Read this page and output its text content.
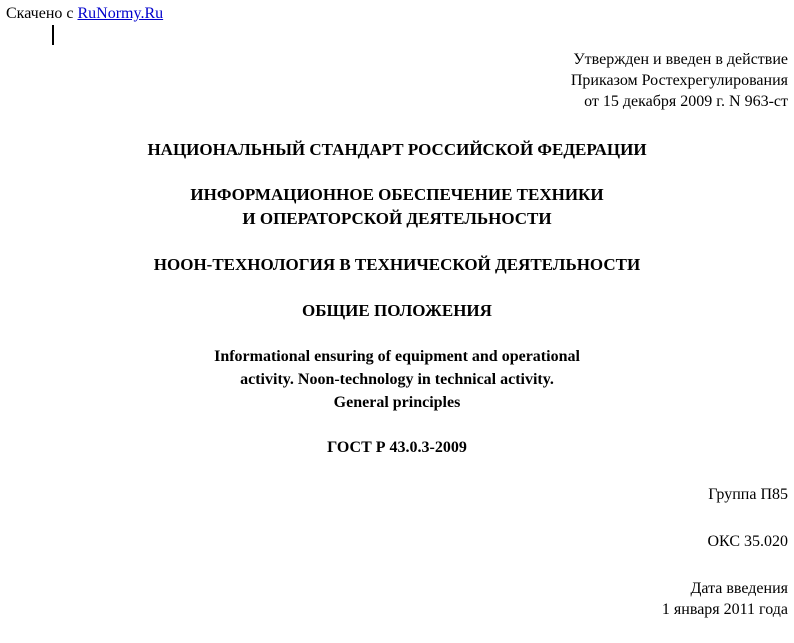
Скачено с RuNormy.Ru
Утвержден и введен в действие
Приказом Ростехрегулирования
от 15 декабря 2009 г. N 963-ст
НАЦИОНАЛЬНЫЙ СТАНДАРТ РОССИЙСКОЙ ФЕДЕРАЦИИ
ИНФОРМАЦИОННОЕ ОБЕСПЕЧЕНИЕ ТЕХНИКИ
И ОПЕРАТОРСКОЙ ДЕЯТЕЛЬНОСТИ
НООН-ТЕХНОЛОГИЯ В ТЕХНИЧЕСКОЙ ДЕЯТЕЛЬНОСТИ
ОБЩИЕ ПОЛОЖЕНИЯ
Informational ensuring of equipment and operational
activity. Noon-technology in technical activity.
General principles
ГОСТ Р 43.0.3-2009
Группа П85
ОКС 35.020
Дата введения
1 января 2011 года
